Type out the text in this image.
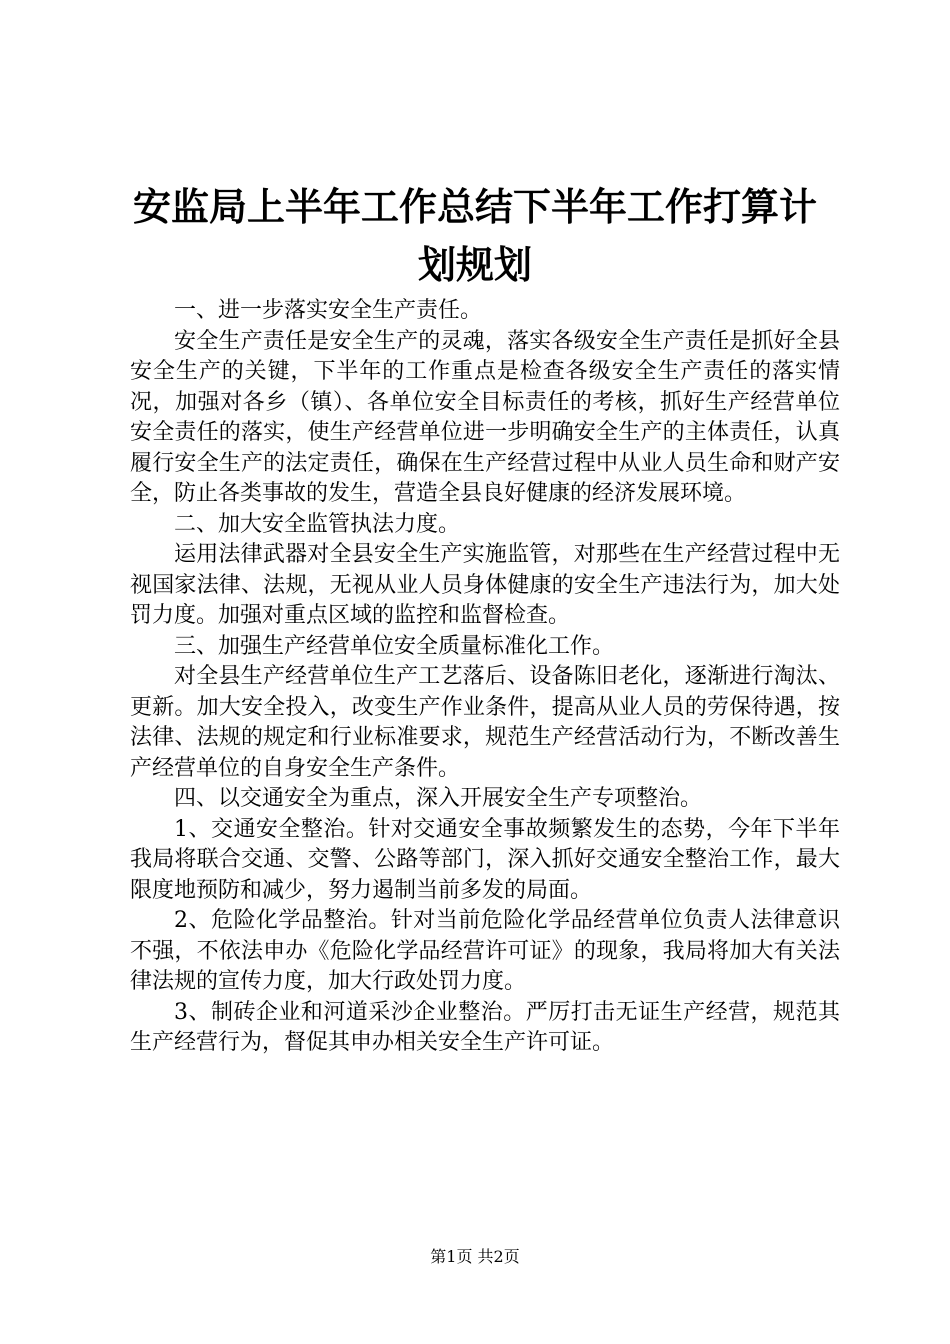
安监局上半年工作总结下半年工作打算计划规划

一、进一步落实安全生产责任。

安全生产责任是安全生产的灵魂，落实各级安全生产责任是抓好全县安全生产的关键，下半年的工作重点是检查各级安全生产责任的落实情况，加强对各乡（镇）、各单位安全目标责任的考核，抓好生产经营单位安全责任的落实，使生产经营单位进一步明确安全生产的主体责任，认真履行安全生产的法定责任，确保在生产经营过程中从业人员生命和财产安全，防止各类事故的发生，营造全县良好健康的经济发展环境。

二、加大安全监管执法力度。

运用法律武器对全县安全生产实施监管，对那些在生产经营过程中无视国家法律、法规，无视从业人员身体健康的安全生产违法行为，加大处罚力度。加强对重点区域的监控和监督检查。

三、加强生产经营单位安全质量标准化工作。

对全县生产经营单位生产工艺落后、设备陈旧老化，逐渐进行淘汰、更新。加大安全投入，改变生产作业条件，提高从业人员的劳保待遇，按法律、法规的规定和行业标准要求，规范生产经营活动行为，不断改善生产经营单位的自身安全生产条件。

四、以交通安全为重点，深入开展安全生产专项整治。

1、交通安全整治。针对交通安全事故频繁发生的态势，今年下半年我局将联合交通、交警、公路等部门，深入抓好交通安全整治工作，最大限度地预防和减少，努力遏制当前多发的局面。

2、危险化学品整治。针对当前危险化学品经营单位负责人法律意识不强，不依法申办《危险化学品经营许可证》的现象，我局将加大有关法律法规的宣传力度，加大行政处罚力度。

3、制砖企业和河道采沙企业整治。严厉打击无证生产经营，规范其生产经营行为，督促其申办相关安全生产许可证。

第1页 共2页
